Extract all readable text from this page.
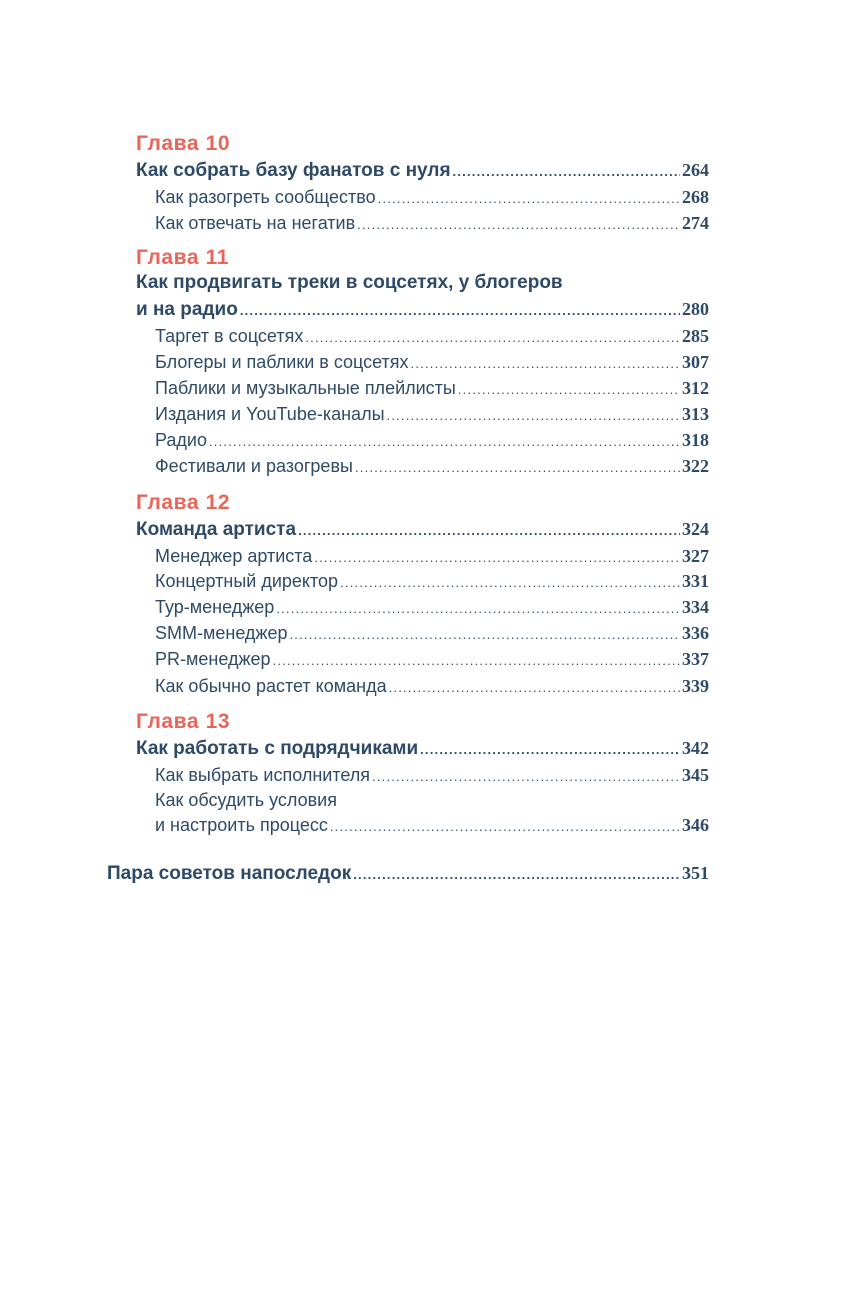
Глава 10
Как собрать базу фанатов с нуля .....	264
Как разогреть сообщество .....	268
Как отвечать на негатив .....	274
Глава 11
Как продвигать треки в соцсетях, у блогеров
и на радио .....	280
Таргет в соцсетях .....	285
Блогеры и паблики в соцсетях .....	307
Паблики и музыкальные плейлисты .....	312
Издания и YouTube-каналы .....	313
Радио .....	318
Фестивали и разогревы .....	322
Глава 12
Команда артиста .....	324
Менеджер артиста .....	327
Концертный директор .....	331
Тур-менеджер .....	334
SMM-менеджер .....	336
PR-менеджер .....	337
Как обычно растет команда .....	339
Глава 13
Как работать с подрядчиками .....	342
Как выбрать исполнителя .....	345
Как обсудить условия
и настроить процесс .....	346
Пара советов напоследок .....	351
